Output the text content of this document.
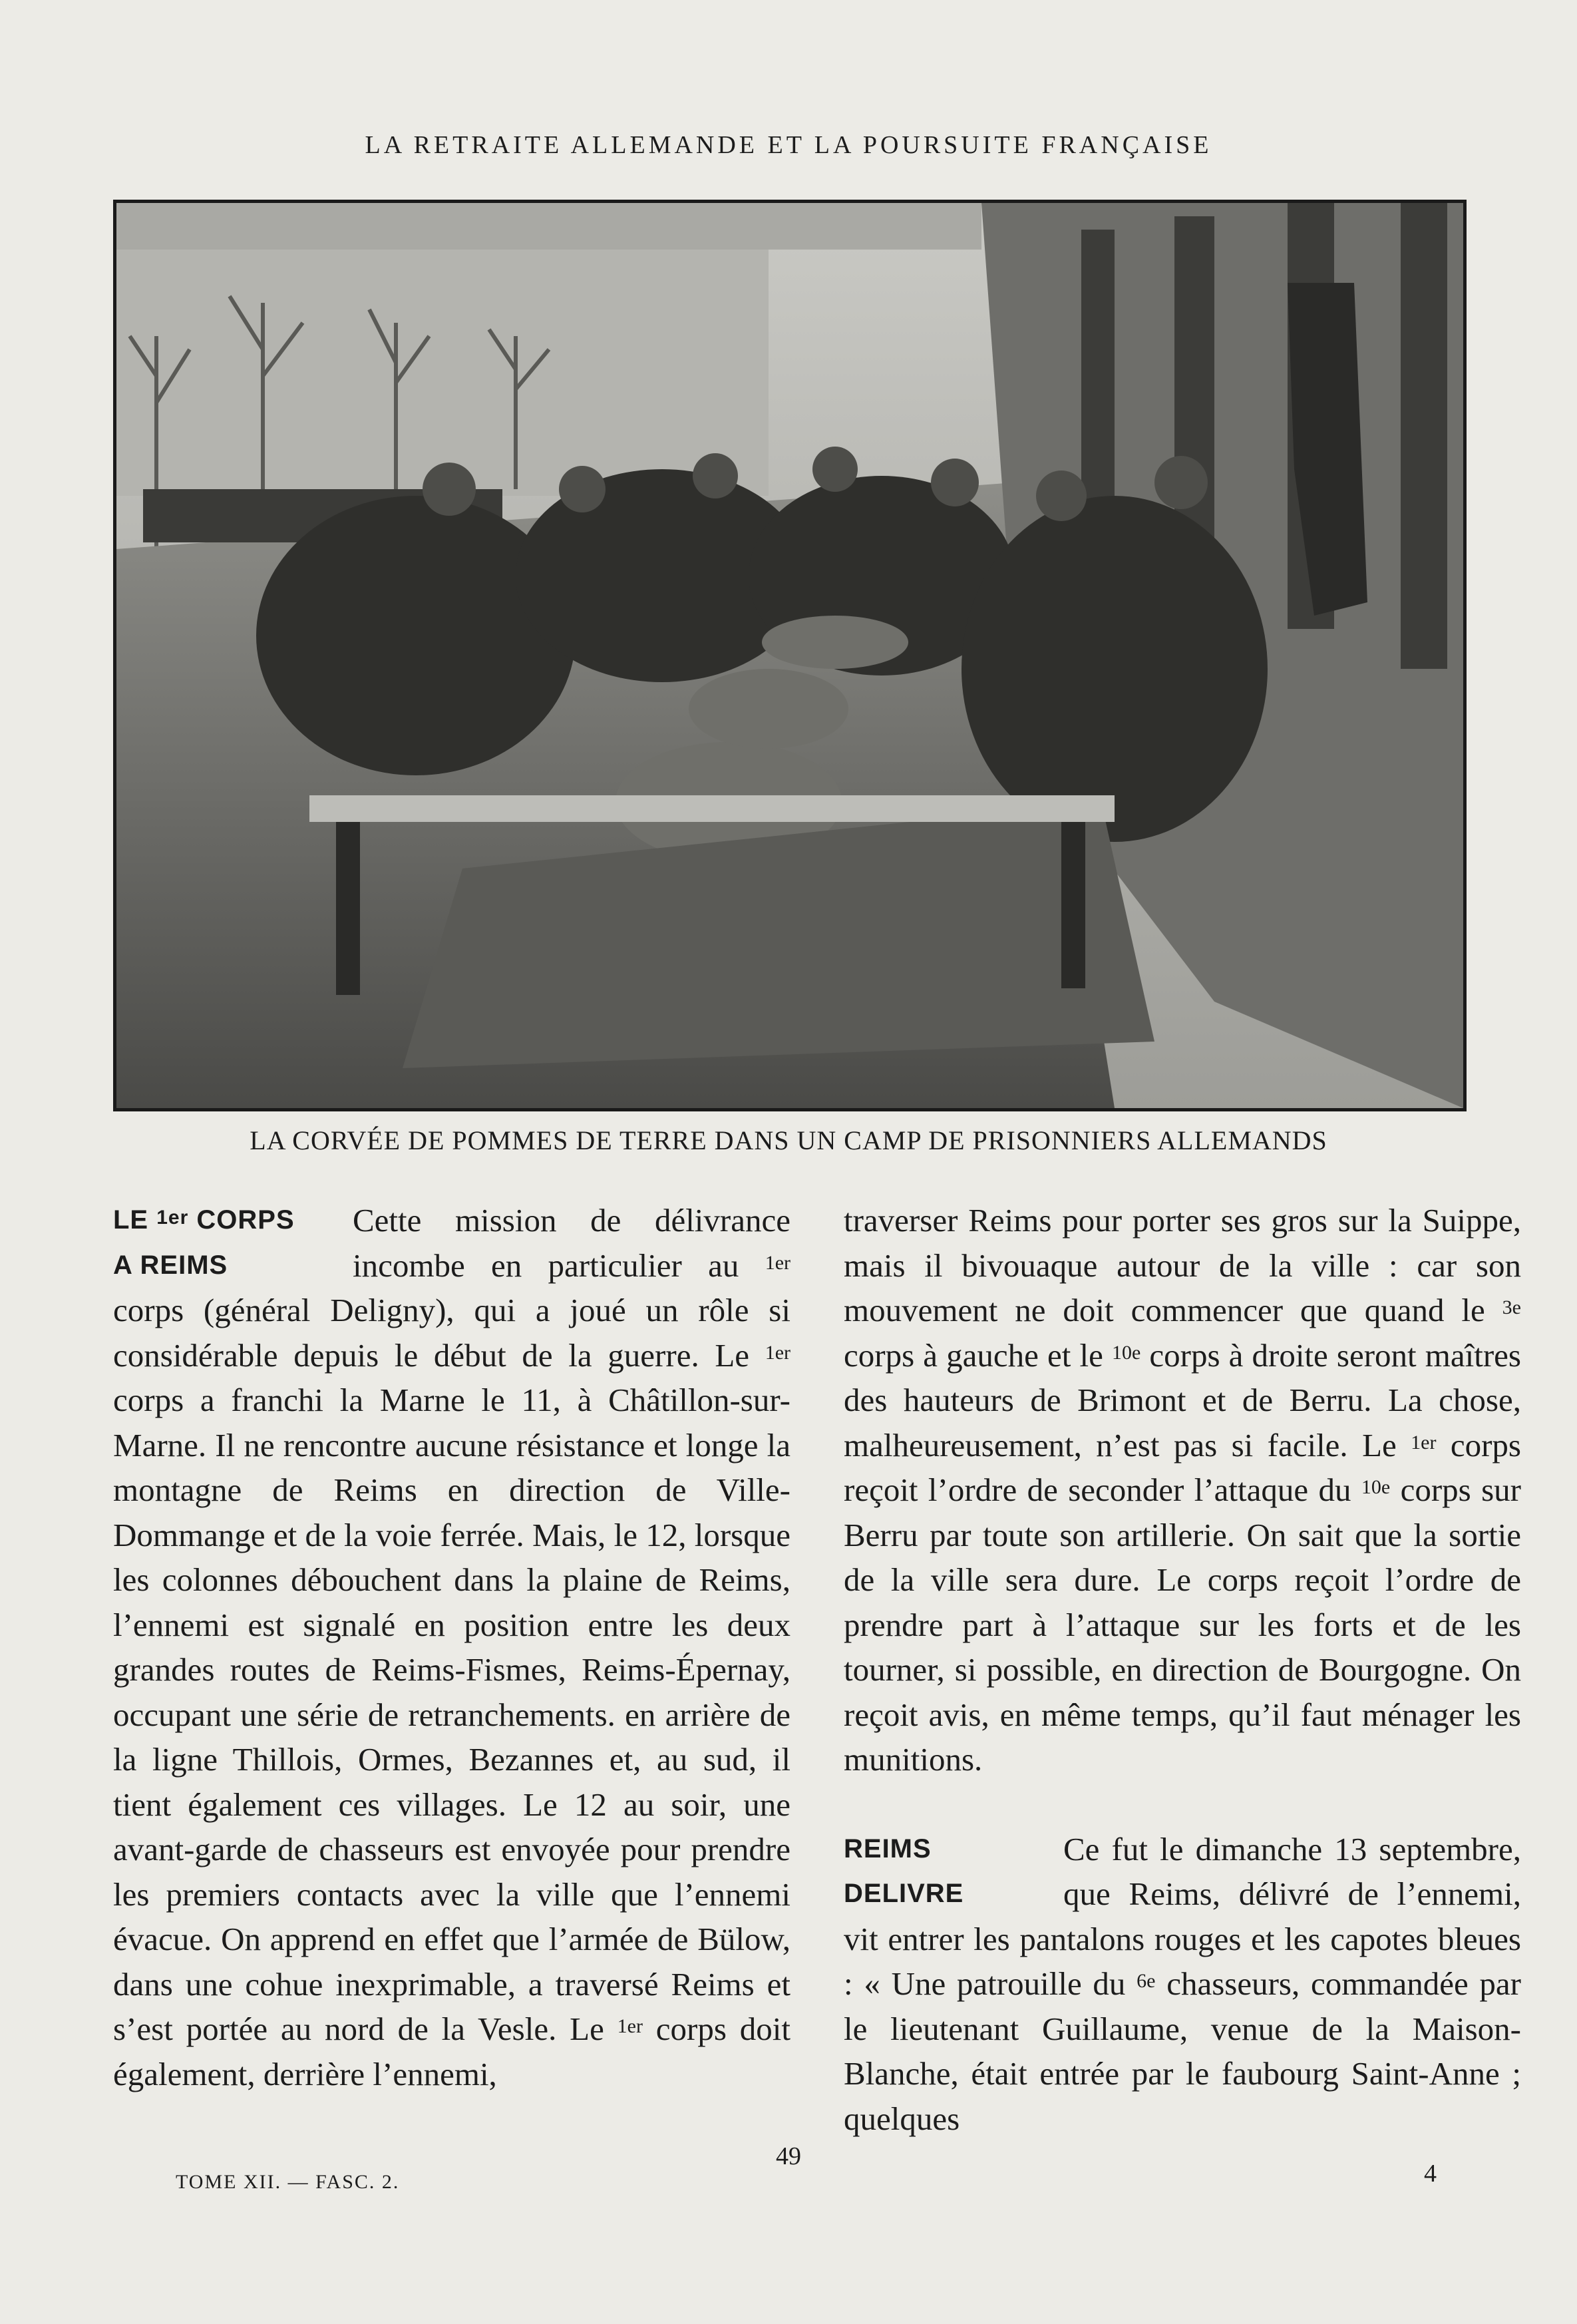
LA RETRAITE ALLEMANDE ET LA POURSUITE FRANÇAISE
LA CORVÉE DE POMMES DE TERRE DANS UN CAMP DE PRISONNIERS ALLEMANDS
LE $^{1er}$ CORPS
A REIMS

Cette mission de délivrance incombe en particulier au $^{1er}$ corps (général Deligny), qui a joué un rôle si considérable depuis le début de la guerre. Le $^{1er}$ corps a franchi la Marne le 11, à Châtillon-sur-Marne. Il ne rencontre aucune résistance et longe la montagne de Reims en direction de Ville-Dommange et de la voie ferrée. Mais, le 12, lorsque les colonnes débouchent dans la plaine de Reims, l’ennemi est signalé en position entre les deux grandes routes de Reims-Fismes, Reims-Épernay, occupant une série de retranchements. en arrière de la ligne Thillois, Ormes, Bezannes et, au sud, il tient également ces villages. Le 12 au soir, une avant-garde de chasseurs est envoyée pour prendre les premiers contacts avec la ville que l’ennemi évacue. On apprend en effet que l’armée de Bülow, dans une cohue inexprimable, a traversé Reims et s’est portée au nord de la Vesle. Le $^{1er}$ corps doit également, derrière l’ennemi,

traverser Reims pour porter ses gros sur la Suippe, mais il bivouaque autour de la ville : car son mouvement ne doit commencer que quand le $^{3e}$ corps à gauche et le $^{10e}$ corps à droite seront maîtres des hauteurs de Brimont et de Berru. La chose, malheureusement, n’est pas si facile. Le $^{1er}$ corps reçoit l’ordre de seconder l’attaque du $^{10e}$ corps sur Berru par toute son artillerie. On sait que la sortie de la ville sera dure. Le corps reçoit l’ordre de prendre part à l’attaque sur les forts et de les tourner, si possible, en direction de Bourgogne. On reçoit avis, en même temps, qu’il faut ménager les munitions.

REIMS
DELIVRE

Ce fut le dimanche 13 septembre, que Reims, délivré de l’ennemi, vit entrer les pantalons rouges et les capotes bleues : « Une patrouille du $^{6e}$ chasseurs, commandée par le lieutenant Guillaume, venue de la Maison-Blanche, était entrée par le faubourg Saint-Anne ; quelques

49
TOME XII. — FASC. 2.	4
